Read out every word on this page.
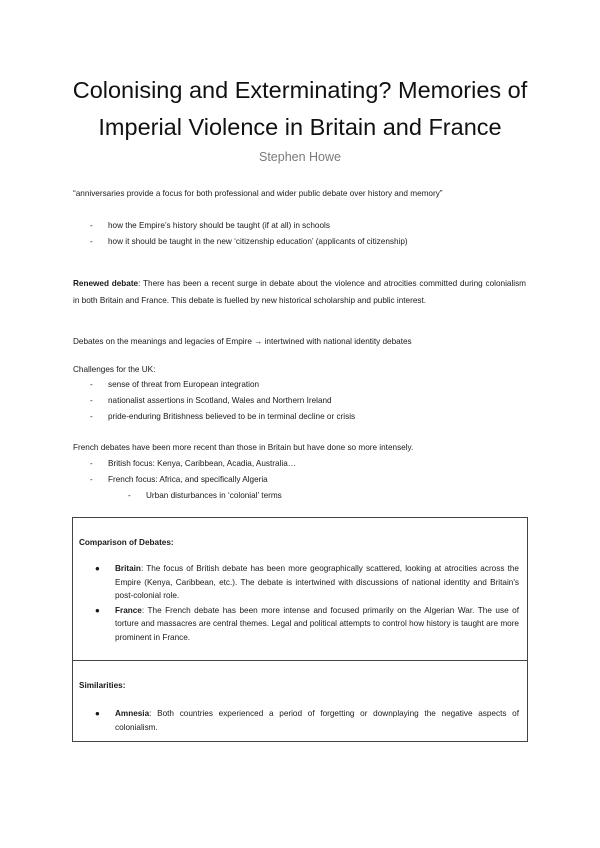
Colonising and Exterminating? Memories of Imperial Violence in Britain and France

Stephen Howe

“anniversaries provide a focus for both professional and wider public debate over history and memory”

- how the Empire’s history should be taught (if at all) in schools
- how it should be taught in the new ‘citizenship education’ (applicants of citizenship)

Renewed debate: There has been a recent surge in debate about the violence and atrocities committed during colonialism in both Britain and France. This debate is fuelled by new historical scholarship and public interest.

Debates on the meanings and legacies of Empire → intertwined with national identity debates

Challenges for the UK:

- sense of threat from European integration
- nationalist assertions in Scotland, Wales and Northern Ireland
- pride-enduring Britishness believed to be in terminal decline or crisis

French debates have been more recent than those in Britain but have done so more intensely.

- British focus: Kenya, Caribbean, Acadia, Australia…
- French focus: Africa, and specifically Algeria
- Urban disturbances in ‘colonial’ terms
Comparison of Debates:
● Britain: The focus of British debate has been more geographically scattered, looking at atrocities across the Empire (Kenya, Caribbean, etc.). The debate is intertwined with discussions of national identity and Britain's post-colonial role.
● France: The French debate has been more intense and focused primarily on the Algerian War. The use of torture and massacres are central themes. Legal and political attempts to control how history is taught are more prominent in France.
Similarities:
● Amnesia: Both countries experienced a period of forgetting or downplaying the negative aspects of colonialism.
